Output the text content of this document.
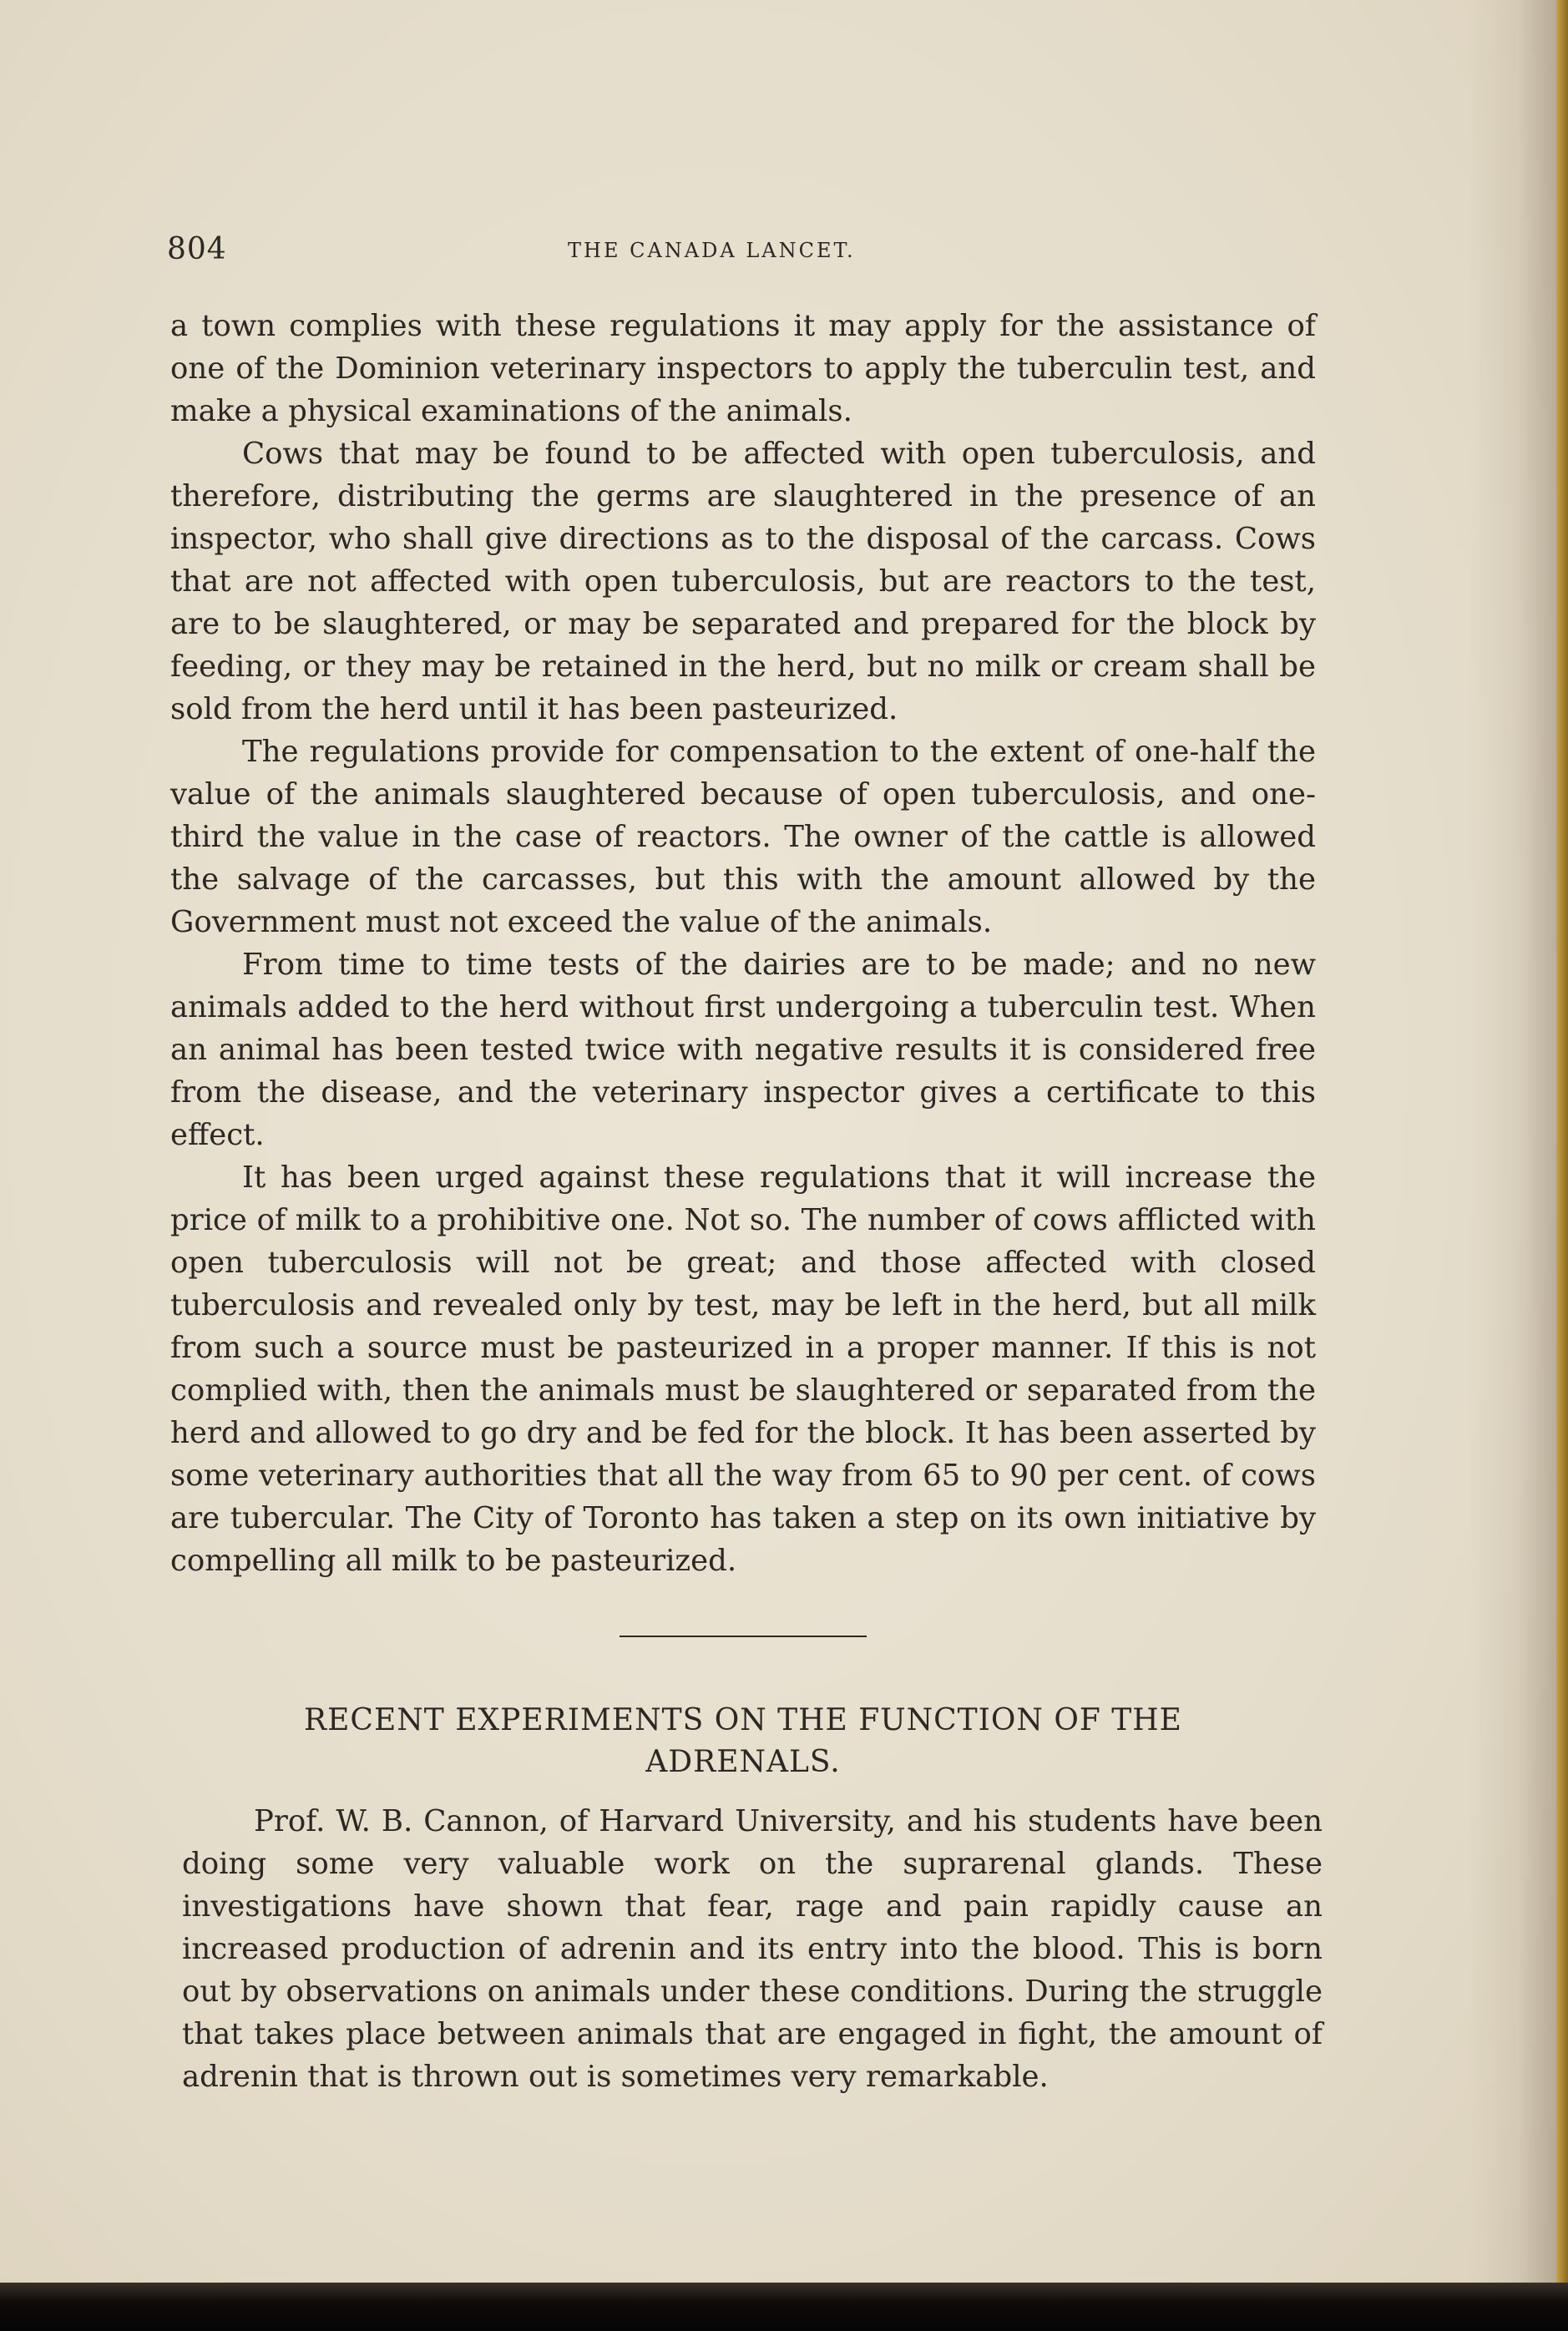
804	THE CANADA LANCET.

a town complies with these regulations it may apply for the assistance of one of the Dominion veterinary inspectors to apply the tuberculin test, and make a physical examinations of the animals.

Cows that may be found to be affected with open tuberculosis, and therefore, distributing the germs are slaughtered in the presence of an inspector, who shall give directions as to the disposal of the carcass. Cows that are not affected with open tuberculosis, but are reactors to the test, are to be slaughtered, or may be separated and prepared for the block by feeding, or they may be retained in the herd, but no milk or cream shall be sold from the herd until it has been pasteurized.

The regulations provide for compensation to the extent of one-half the value of the animals slaughtered because of open tuberculosis, and one-third the value in the case of reactors. The owner of the cattle is allowed the salvage of the carcasses, but this with the amount allowed by the Government must not exceed the value of the animals.

From time to time tests of the dairies are to be made; and no new animals added to the herd without first undergoing a tuberculin test. When an animal has been tested twice with negative results it is considered free from the disease, and the veterinary inspector gives a certificate to this effect.

It has been urged against these regulations that it will increase the price of milk to a prohibitive one. Not so. The number of cows afflicted with open tuberculosis will not be great; and those affected with closed tuberculosis and revealed only by test, may be left in the herd, but all milk from such a source must be pasteurized in a proper manner. If this is not complied with, then the animals must be slaughtered or separated from the herd and allowed to go dry and be fed for the block. It has been asserted by some veterinary authorities that all the way from 65 to 90 per cent. of cows are tubercular. The City of Toronto has taken a step on its own initiative by compelling all milk to be pasteurized.

RECENT EXPERIMENTS ON THE FUNCTION OF THE
ADRENALS.

Prof. W. B. Cannon, of Harvard University, and his students have been doing some very valuable work on the suprarenal glands. These investigations have shown that fear, rage and pain rapidly cause an increased production of adrenin and its entry into the blood. This is born out by observations on animals under these conditions. During the struggle that takes place between animals that are engaged in fight, the amount of adrenin that is thrown out is sometimes very remarkable.
